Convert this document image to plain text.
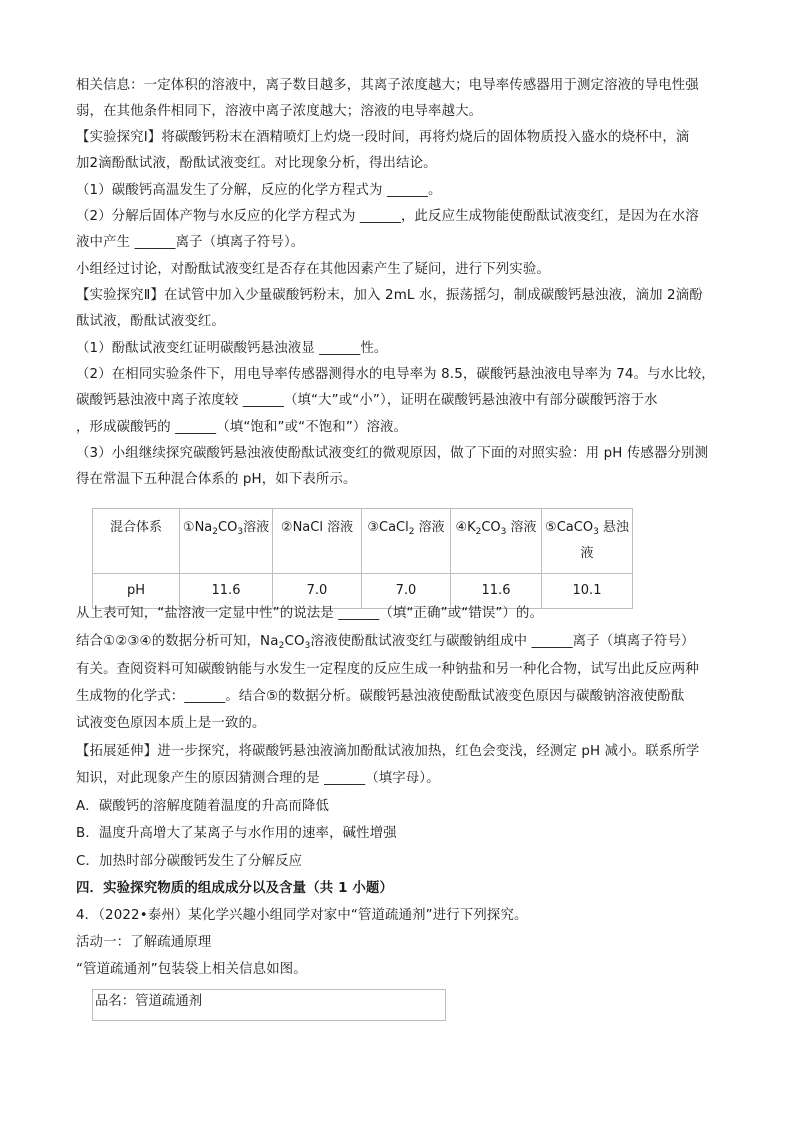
相关信息：一定体积的溶液中，离子数目越多，其离子浓度越大；电导率传感器用于测定溶液的导电性强
弱，在其他条件相同下，溶液中离子浓度越大；溶液的电导率越大。
【实验探究Ⅰ】将碳酸钙粉末在酒精喷灯上灼烧一段时间，再将灼烧后的固体物质投入盛水的烧杯中，滴
加2滴酚酞试液，酚酞试液变红。对比现象分析，得出结论。
（1）碳酸钙高温发生了分解，反应的化学方程式为 ______。
（2）分解后固体产物与水反应的化学方程式为 ______，此反应生成物能使酚酞试液变红，是因为在水溶
液中产生 ______离子（填离子符号）。
小组经过讨论，对酚酞试液变红是否存在其他因素产生了疑问，进行下列实验。
【实验探究Ⅱ】在试管中加入少量碳酸钙粉末，加入 2mL 水，振荡摇匀，制成碳酸钙悬浊液，滴加 2滴酚
酞试液，酚酞试液变红。
（1）酚酞试液变红证明碳酸钙悬浊液显 ______性。
（2）在相同实验条件下，用电导率传感器测得水的电导率为 8.5，碳酸钙悬浊液电导率为 74。与水比较，
碳酸钙悬浊液中离子浓度较 ______（填“大”或“小”），证明在碳酸钙悬浊液中有部分碳酸钙溶于水
，形成碳酸钙的 ______（填“饱和”或“不饱和”）溶液。
（3）小组继续探究碳酸钙悬浊液使酚酞试液变红的微观原因，做了下面的对照实验：用 pH 传感器分别测
得在常温下五种混合体系的 pH，如下表所示。
混合体系	$①Na_2CO_3$溶液	②NaCl 溶液	③CaCl$_2$ 溶液	$④K_2CO_3$ 溶液	⑤CaCO$_3$ 悬浊液
pH	11.6	7.0	7.0	11.6	10.1
从上表可知，“盐溶液一定显中性”的说法是 ______（填“正确”或“错误”）的。
结合①②③④的数据分析可知，$Na_2CO_3$溶液使酚酞试液变红与碳酸钠组成中 ______离子（填离子符号）
有关。查阅资料可知碳酸钠能与水发生一定程度的反应生成一种钠盐和另一种化合物，试写出此反应两种
生成物的化学式：______。结合⑤的数据分析。碳酸钙悬浊液使酚酞试液变色原因与碳酸钠溶液使酚酞
试液变色原因本质上是一致的。
【拓展延伸】进一步探究，将碳酸钙悬浊液滴加酚酞试液加热，红色会变浅，经测定 pH 减小。联系所学
知识，对此现象产生的原因猜测合理的是 ______（填字母）。
A．碳酸钙的溶解度随着温度的升高而降低
B．温度升高增大了某离子与水作用的速率，碱性增强
C．加热时部分碳酸钙发生了分解反应
四．实验探究物质的组成成分以及含量（共 1 小题）
4．（2022•泰州）某化学兴趣小组同学对家中“管道疏通剂”进行下列探究。
活动一：了解疏通原理
“管道疏通剂”包装袋上相关信息如图。
品名：管道疏通剂
